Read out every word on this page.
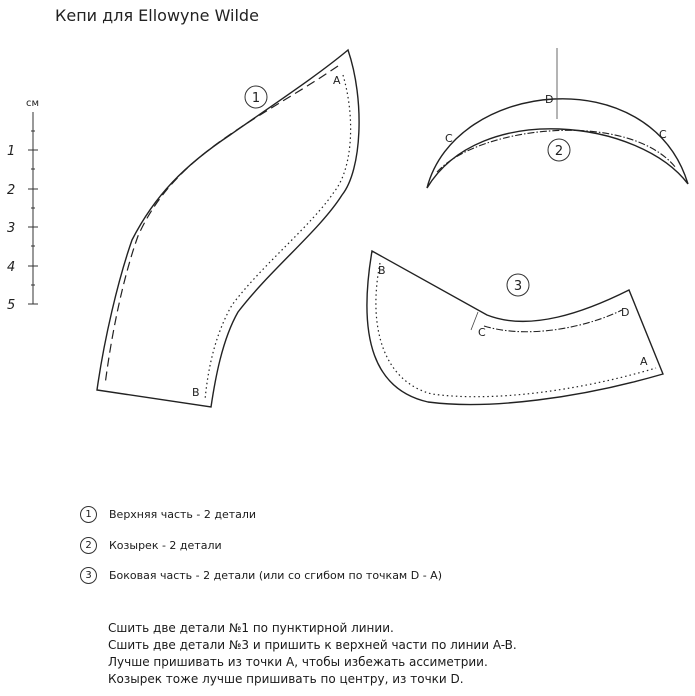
Кепи для Ellowyne Wilde
см
1
2
3
4
5
A
B
1	D
C	C
2
B
C
D
A
3
1	Верхняя часть - 2 детали
2	Козырек - 2 детали
3	Боковая часть - 2 детали (или со сгибом по точкам D - A)
Сшить две детали №1 по пунктирной линии.
Сшить две детали №3 и пришить к верхней части по линии A-B.
Лучше пришивать из точки A, чтобы избежать ассиметрии.
Козырек тоже лучше пришивать по центру, из точки D.
